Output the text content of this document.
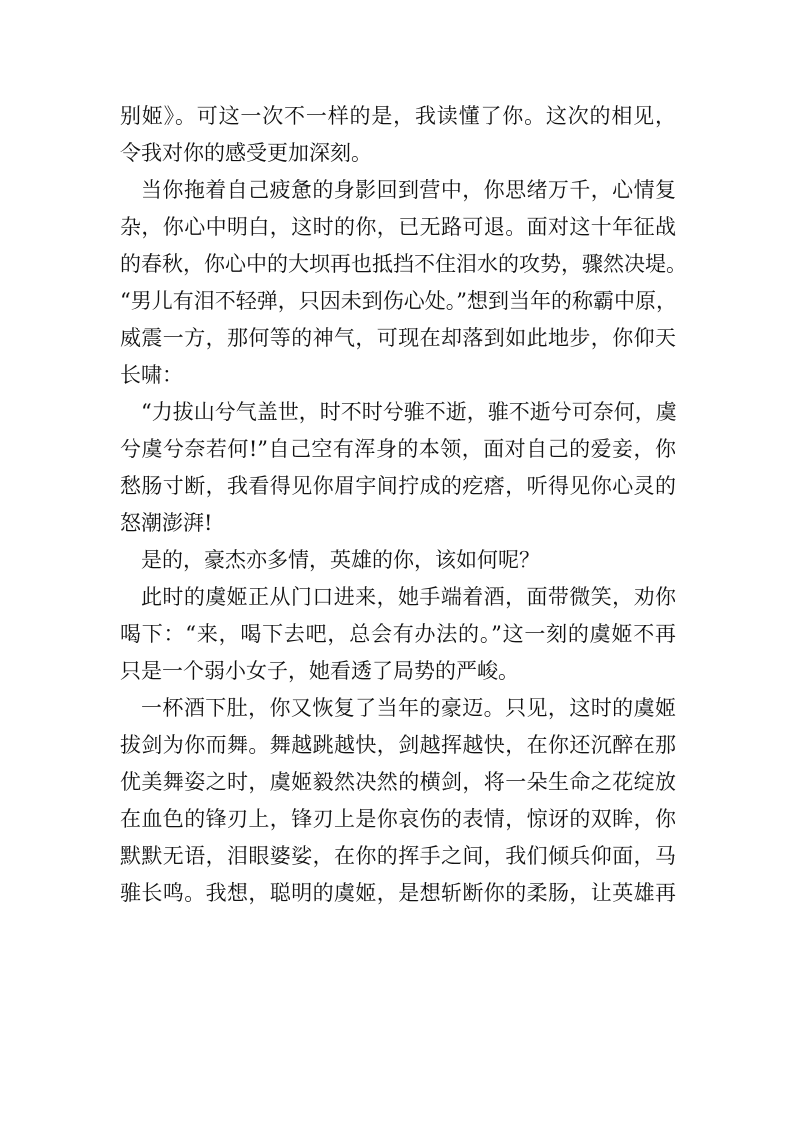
别姬》。可这一次不一样的是，我读懂了你。这次的相见，
令我对你的感受更加深刻。
当你拖着自己疲惫的身影回到营中，你思绪万千，心情复
杂，你心中明白，这时的你，已无路可退。面对这十年征战
的春秋，你心中的大坝再也抵挡不住泪水的攻势，骤然决堤。
“男儿有泪不轻弹，只因未到伤心处。”想到当年的称霸中原，
威震一方，那何等的神气，可现在却落到如此地步，你仰天
长啸：
“力拔山兮气盖世，时不时兮骓不逝，骓不逝兮可奈何，虞
兮虞兮奈若何!”自己空有浑身的本领，面对自己的爱妾，你
愁肠寸断，我看得见你眉宇间拧成的疙瘩，听得见你心灵的
怒潮澎湃!
是的，豪杰亦多情，英雄的你，该如何呢？
此时的虞姬正从门口进来，她手端着酒，面带微笑，劝你
喝下：“来，喝下去吧，总会有办法的。”这一刻的虞姬不再
只是一个弱小女子，她看透了局势的严峻。
一杯酒下肚，你又恢复了当年的豪迈。只见，这时的虞姬
拔剑为你而舞。舞越跳越快，剑越挥越快，在你还沉醉在那
优美舞姿之时，虞姬毅然决然的横剑，将一朵生命之花绽放
在血色的锋刃上，锋刃上是你哀伤的表情，惊讶的双眸，你
默默无语，泪眼婆娑，在你的挥手之间，我们倾兵仰面，马
骓长鸣。我想，聪明的虞姬，是想斩断你的柔肠，让英雄再
